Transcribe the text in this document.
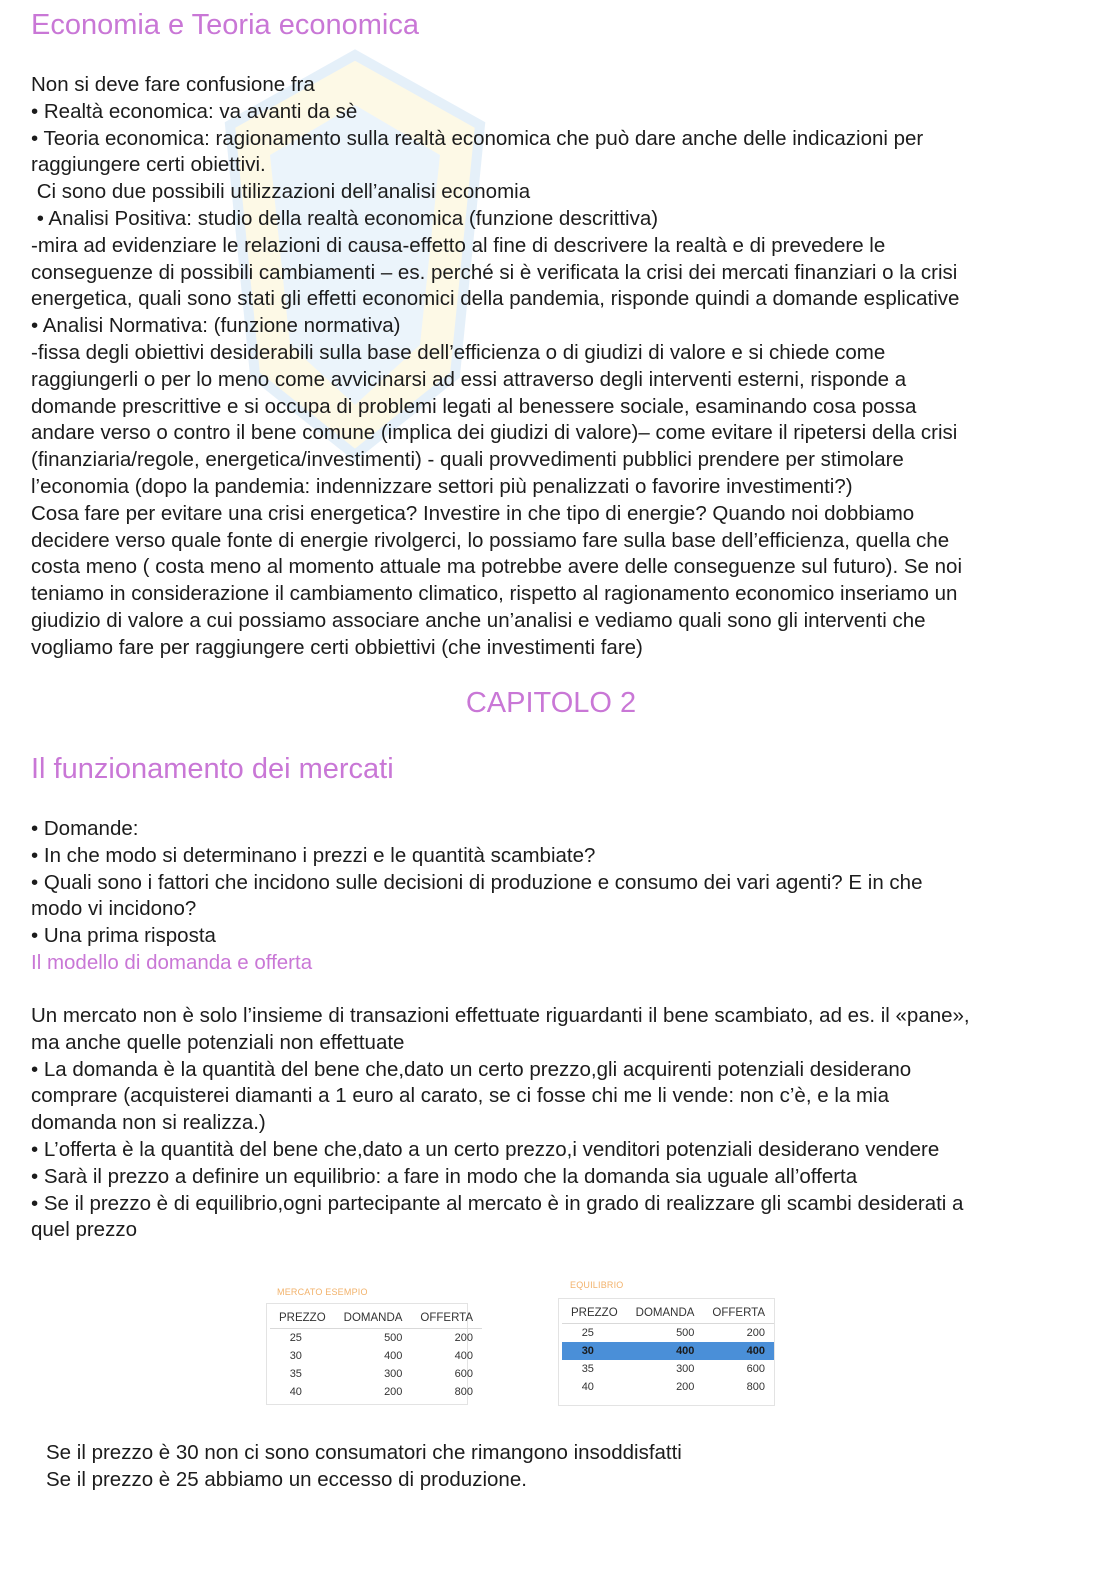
Economia e Teoria economica
Non si deve fare confusione fra
• Realtà economica: va avanti da sè
• Teoria economica: ragionamento sulla realtà economica che può dare anche delle indicazioni per
raggiungere certi obiettivi.
Ci sono due possibili utilizzazioni dell’analisi economia
• Analisi Positiva: studio della realtà economica (funzione descrittiva)
-mira ad evidenziare le relazioni di causa-effetto al fine di descrivere la realtà e di prevedere le
conseguenze di possibili cambiamenti – es. perché si è verificata la crisi dei mercati finanziari o la crisi
energetica, quali sono stati gli effetti economici della pandemia, risponde quindi a domande esplicative
• Analisi Normativa: (funzione normativa)
-fissa degli obiettivi desiderabili sulla base dell’efficienza o di giudizi di valore e si chiede come
raggiungerli o per lo meno come avvicinarsi ad essi attraverso degli interventi esterni, risponde a
domande prescrittive e si occupa di problemi legati al benessere sociale, esaminando cosa possa
andare verso o contro il bene comune (implica dei giudizi di valore)– come evitare il ripetersi della crisi
(finanziaria/regole, energetica/investimenti) - quali provvedimenti pubblici prendere per stimolare
l’economia (dopo la pandemia: indennizzare settori più penalizzati o favorire investimenti?)
Cosa fare per evitare una crisi energetica? Investire in che tipo di energie? Quando noi dobbiamo
decidere verso quale fonte di energie rivolgerci, lo possiamo fare sulla base dell’efficienza, quella che
costa meno ( costa meno al momento attuale ma potrebbe avere delle conseguenze sul futuro). Se noi
teniamo in considerazione il cambiamento climatico, rispetto al ragionamento economico inseriamo un
giudizio di valore a cui possiamo associare anche un’analisi e vediamo quali sono gli interventi che
vogliamo fare per raggiungere certi obbiettivi (che investimenti fare)
CAPITOLO 2
Il funzionamento dei mercati
• Domande:
• In che modo si determinano i prezzi e le quantità scambiate?
• Quali sono i fattori che incidono sulle decisioni di produzione e consumo dei vari agenti? E in che
modo vi incidono?
• Una prima risposta
Il modello di domanda e offerta
Un mercato non è solo l’insieme di transazioni effettuate riguardanti il bene scambiato, ad es. il «pane»,
ma anche quelle potenziali non effettuate
• La domanda è la quantità del bene che,dato un certo prezzo,gli acquirenti potenziali desiderano
comprare (acquisterei diamanti a 1 euro al carato, se ci fosse chi me li vende: non c’è, e la mia
domanda non si realizza.)
• L’offerta è la quantità del bene che,dato a un certo prezzo,i venditori potenziali desiderano vendere
• Sarà il prezzo a definire un equilibrio: a fare in modo che la domanda sia uguale all’offerta
• Se il prezzo è di equilibrio,ogni partecipante al mercato è in grado di realizzare gli scambi desiderati a
quel prezzo
MERCATO ESEMPIO
PREZZO	DOMANDA	OFFERTA
25	500	200
30	400	400
35	300	600
40	200	800
EQUILIBRIO
PREZZO	DOMANDA	OFFERTA
25	500	200
30	400	400
35	300	600
40	200	800
Se il prezzo è 30 non ci sono consumatori che rimangono insoddisfatti
Se il prezzo è 25 abbiamo un eccesso di produzione.
